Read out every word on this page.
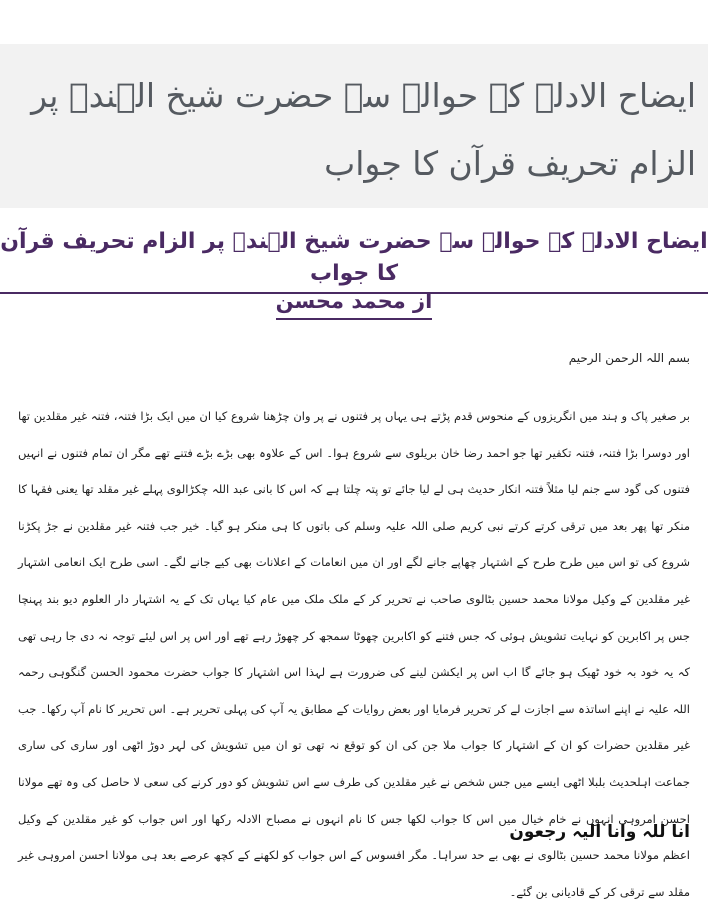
ایضاح الادلہ کے حوالے سے حضرت شیخ الہندؒ پر الزام تحریف قرآن کا جواب
ایضاح الادلہ کے حوالے سے حضرت شیخ الہندؒ پر الزام تحریف قرآن کا جواب
از محمد محسن
بسم اللہ الرحمن الرحیم

بر صغیر پاک و ہند میں انگریزوں کے منحوس قدم پڑتے ہی یہاں پر فتنوں نے پر وان چڑھنا شروع کیا ان میں ایک بڑا فتنہ، فتنہ غیر مقلدین تھا اور دوسرا بڑا فتنہ، فتنہ تکفیر تھا جو احمد رضا خان بریلوی سے شروع ہوا۔ اس کے علاوہ بھی بڑے بڑے فتنے تھے مگر ان تمام فتنوں نے انہیں فتنوں کی گود سے جنم لیا مثلاً فتنہ انکار حدیث ہی لے لیا جائے تو پتہ چلتا ہے کہ اس کا بانی عبد اللہ چکڑالوی پہلے غیر مقلد تھا یعنی فقہا کا منکر تھا پھر بعد میں ترقی کرتے کرتے نبی کریم صلی اللہ علیہ وسلم کی باتوں کا ہی منکر ہو گیا۔ خیر جب فتنہ غیر مقلدین نے جڑ پکڑنا شروع کی تو اس میں طرح طرح کے اشتہار چھاپے جانے لگے اور ان میں انعامات کے اعلانات بھی کیے جانے لگے۔ اسی طرح ایک انعامی اشتہار غیر مقلدین کے وکیل مولانا محمد حسین بٹالوی صاحب نے تحریر کر کے ملک ملک میں عام کیا یہاں تک کے یہ اشتہار دار العلوم دیو بند پہنچا جس پر اکابرین کو نہایت تشویش ہوئی کہ جس فتنے کو اکابرین چھوٹا سمجھ کر چھوڑ رہے تھے اور اس پر اس لیئے توجہ نہ دی جا رہی تھی کہ یہ خود بہ خود ٹھیک ہو جائے گا اب اس پر ایکشن لینے کی ضرورت ہے لہذا اس اشتہار کا جواب حضرت محمود الحسن گنگوہی رحمہ اللہ علیہ نے اپنے اساتذہ سے اجازت لے کر تحریر فرمایا اور بعض روایات کے مطابق یہ آپ کی پہلی تحریر ہے۔ اس تحریر کا نام آپ رکھا۔ جب غیر مقلدین حضرات کو ان کے اشتہار کا جواب ملا جن کی ان کو توقع نہ تھی تو ان میں تشویش کی لہر دوڑ اٹھی اور ساری کی ساری جماعت اہلحدیث بلبلا اٹھی ایسے میں جس شخص نے غیر مقلدین کی طرف سے اس تشویش کو دور کرنے کی سعی لا حاصل کی وہ تھے مولانا احسن امروہی انہوں نے خام خیال میں اس کا جواب لکھا جس کا نام انہوں نے مصباح الادلہ رکھا اور اس جواب کو غیر مقلدین کے وکیل اعظم مولانا محمد حسین بٹالوی نے بھی بے حد سراہا۔ مگر افسوس کے اس جواب کو لکھنے کے کچھ عرصے بعد ہی مولانا احسن امروہی غیر مقلد سے ترقی کر کے قادیانی بن گئے۔

انا للہ وانا الیہ رجعون
